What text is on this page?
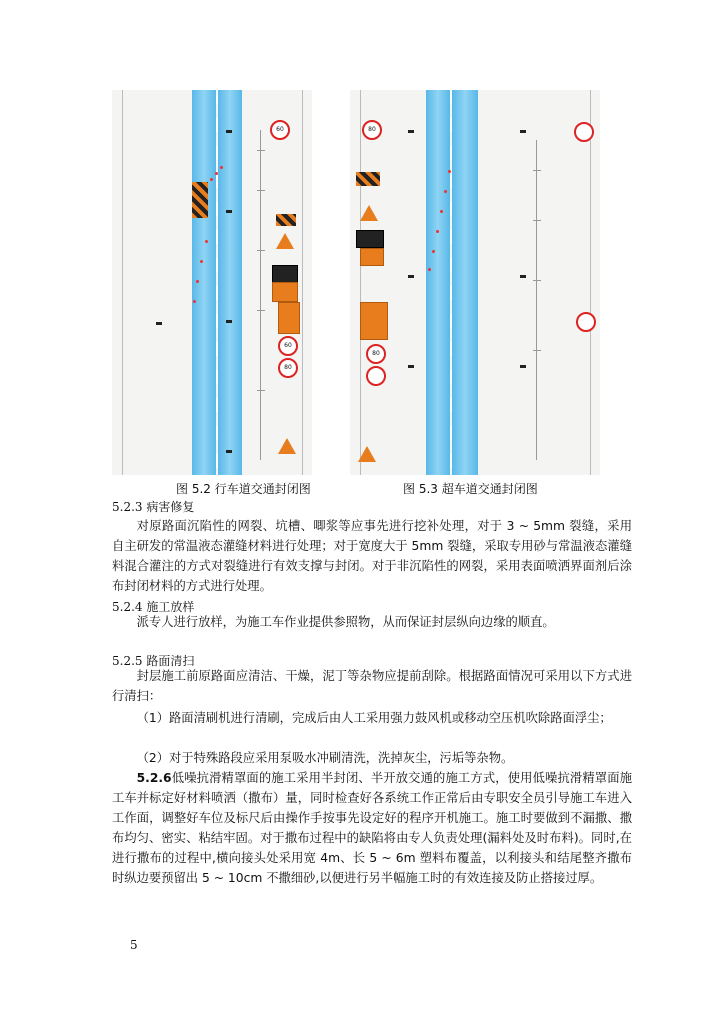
60
60
80
80
80
图 5.2 行车道交通封闭图	图 5.3 超车道交通封闭图
5.2.3 病害修复
对原路面沉陷性的网裂、坑槽、唧浆等应事先进行挖补处理，对于 3 ~ 5mm 裂缝，采用自主研发的常温液态灌缝材料进行处理；对于宽度大于 5mm 裂缝，采取专用砂与常温液态灌缝料混合灌注的方式对裂缝进行有效支撑与封闭。对于非沉陷性的网裂，采用表面喷洒界面剂后涂布封闭材料的方式进行处理。
5.2.4 施工放样
派专人进行放样，为施工车作业提供参照物，从而保证封层纵向边缘的顺直。
5.2.5 路面清扫
封层施工前原路面应清洁、干燥，泥丁等杂物应提前刮除。根据路面情况可采用以下方式进行清扫：
（1）路面清刷机进行清刷，完成后由人工采用强力鼓风机或移动空压机吹除路面浮尘；
（2）对于特殊路段应采用泵吸水冲刷清洗，洗掉灰尘，污垢等杂物。
5.2.6低噪抗滑精罩面的施工采用半封闭、半开放交通的施工方式，使用低噪抗滑精罩面施工车并标定好材料喷洒（撒布）量，同时检查好各系统工作正常后由专职安全员引导施工车进入工作面，调整好车位及标尺后由操作手按事先设定好的程序开机施工。施工时要做到不漏撒、撒布均匀、密实、粘结牢固。对于撒布过程中的缺陷将由专人负责处理(漏料处及时布料)。同时,在进行撒布的过程中,横向接头处采用宽 4m、长 5 ~ 6m 塑料布覆盖，以利接头和结尾整齐撒布时纵边要预留出 5 ~ 10cm 不撒细砂,以便进行另半幅施工时的有效连接及防止搭接过厚。
5
